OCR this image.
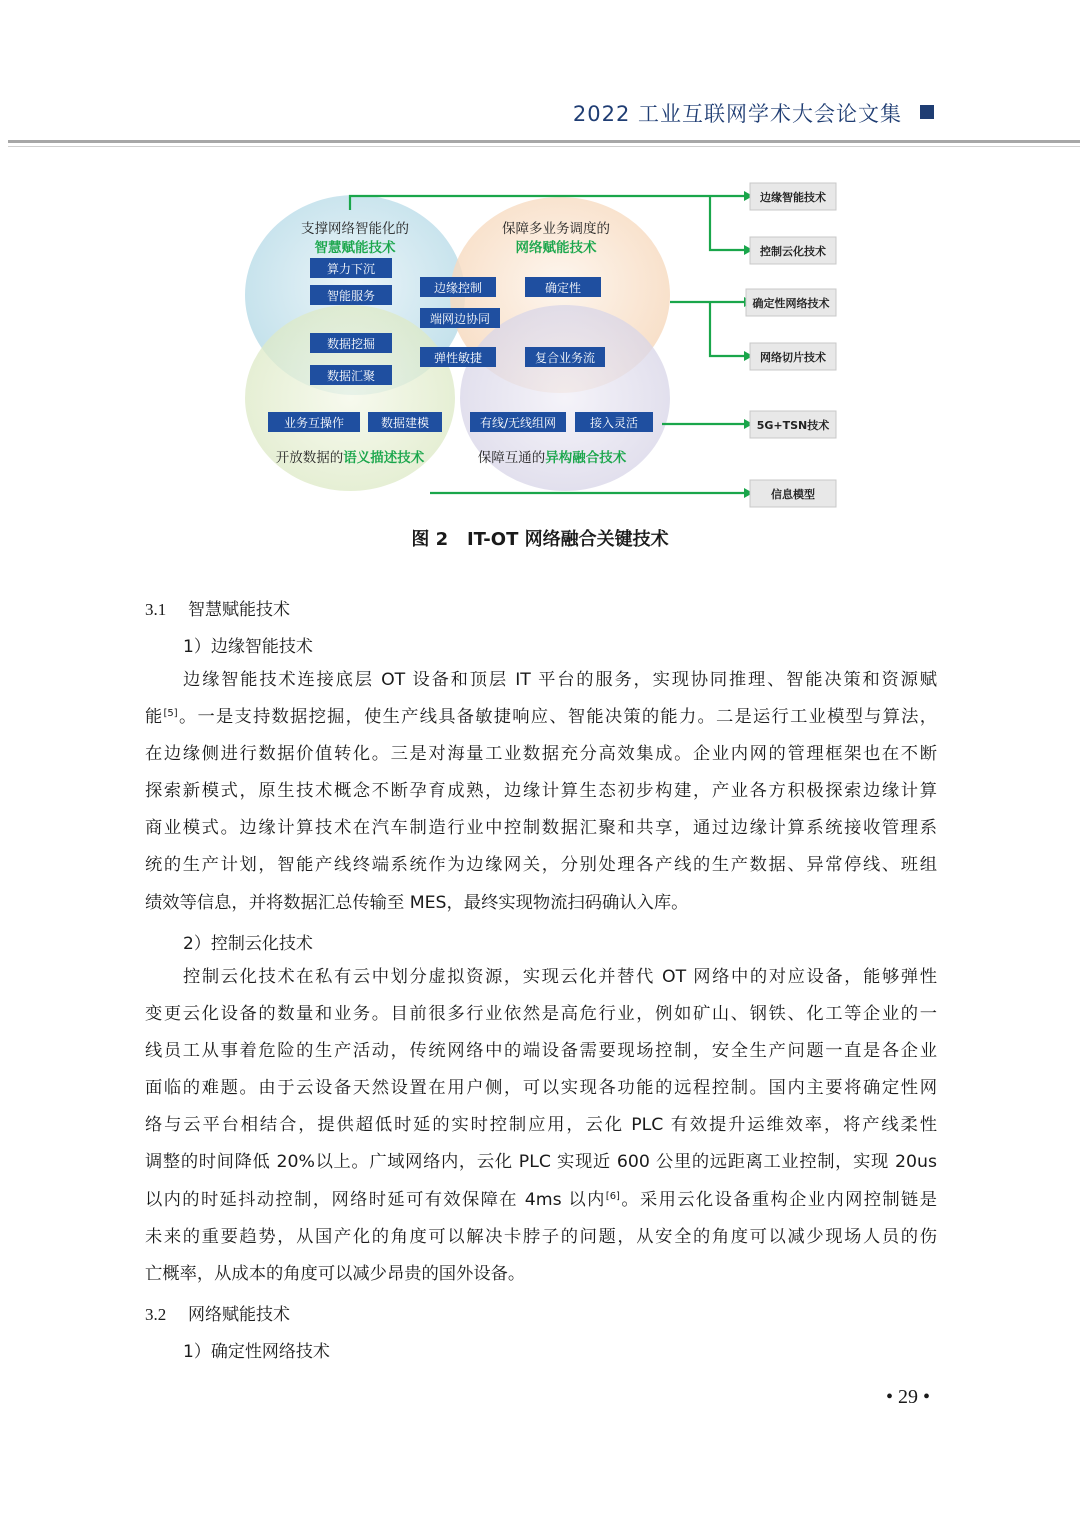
2022 工业互联网学术大会论文集
支撑网络智能化的
智慧赋能技术
保障多业务调度的
网络赋能技术
开放数据的语义描述技术	保障互通的异构融合技术
边缘智能技术
控制云化技术
确定性网络技术
网络切片技术
5G+TSN技术
信息模型
算力下沉
智能服务
边缘控制	确定性
端网边协同
数据挖掘
弹性敏捷	复合业务流
数据汇聚
业务互操作	数据建模	有线/无线组网	接入灵活
图 2 IT-OT 网络融合关键技术
3.1 智慧赋能技术
1）边缘智能技术
边缘智能技术连接底层 OT 设备和顶层 IT 平台的服务，实现协同推理、智能决策和资源赋
能[5]。一是支持数据挖掘，使生产线具备敏捷响应、智能决策的能力。二是运行工业模型与算法，
在边缘侧进行数据价值转化。三是对海量工业数据充分高效集成。企业内网的管理框架也在不断
探索新模式，原生技术概念不断孕育成熟，边缘计算生态初步构建，产业各方积极探索边缘计算
商业模式。边缘计算技术在汽车制造行业中控制数据汇聚和共享，通过边缘计算系统接收管理系
统的生产计划，智能产线终端系统作为边缘网关，分别处理各产线的生产数据、异常停线、班组
绩效等信息，并将数据汇总传输至 MES，最终实现物流扫码确认入库。
2）控制云化技术
控制云化技术在私有云中划分虚拟资源，实现云化并替代 OT 网络中的对应设备，能够弹性
变更云化设备的数量和业务。目前很多行业依然是高危行业，例如矿山、钢铁、化工等企业的一
线员工从事着危险的生产活动，传统网络中的端设备需要现场控制，安全生产问题一直是各企业
面临的难题。由于云设备天然设置在用户侧，可以实现各功能的远程控制。国内主要将确定性网
络与云平台相结合，提供超低时延的实时控制应用，云化 PLC 有效提升运维效率，将产线柔性
调整的时间降低 20%以上。广域网络内，云化 PLC 实现近 600 公里的远距离工业控制，实现 20us
以内的时延抖动控制，网络时延可有效保障在 4ms 以内[6]。采用云化设备重构企业内网控制链是
未来的重要趋势，从国产化的角度可以解决卡脖子的问题，从安全的角度可以减少现场人员的伤
亡概率，从成本的角度可以减少昂贵的国外设备。
3.2 网络赋能技术
1）确定性网络技术
• 29 •
